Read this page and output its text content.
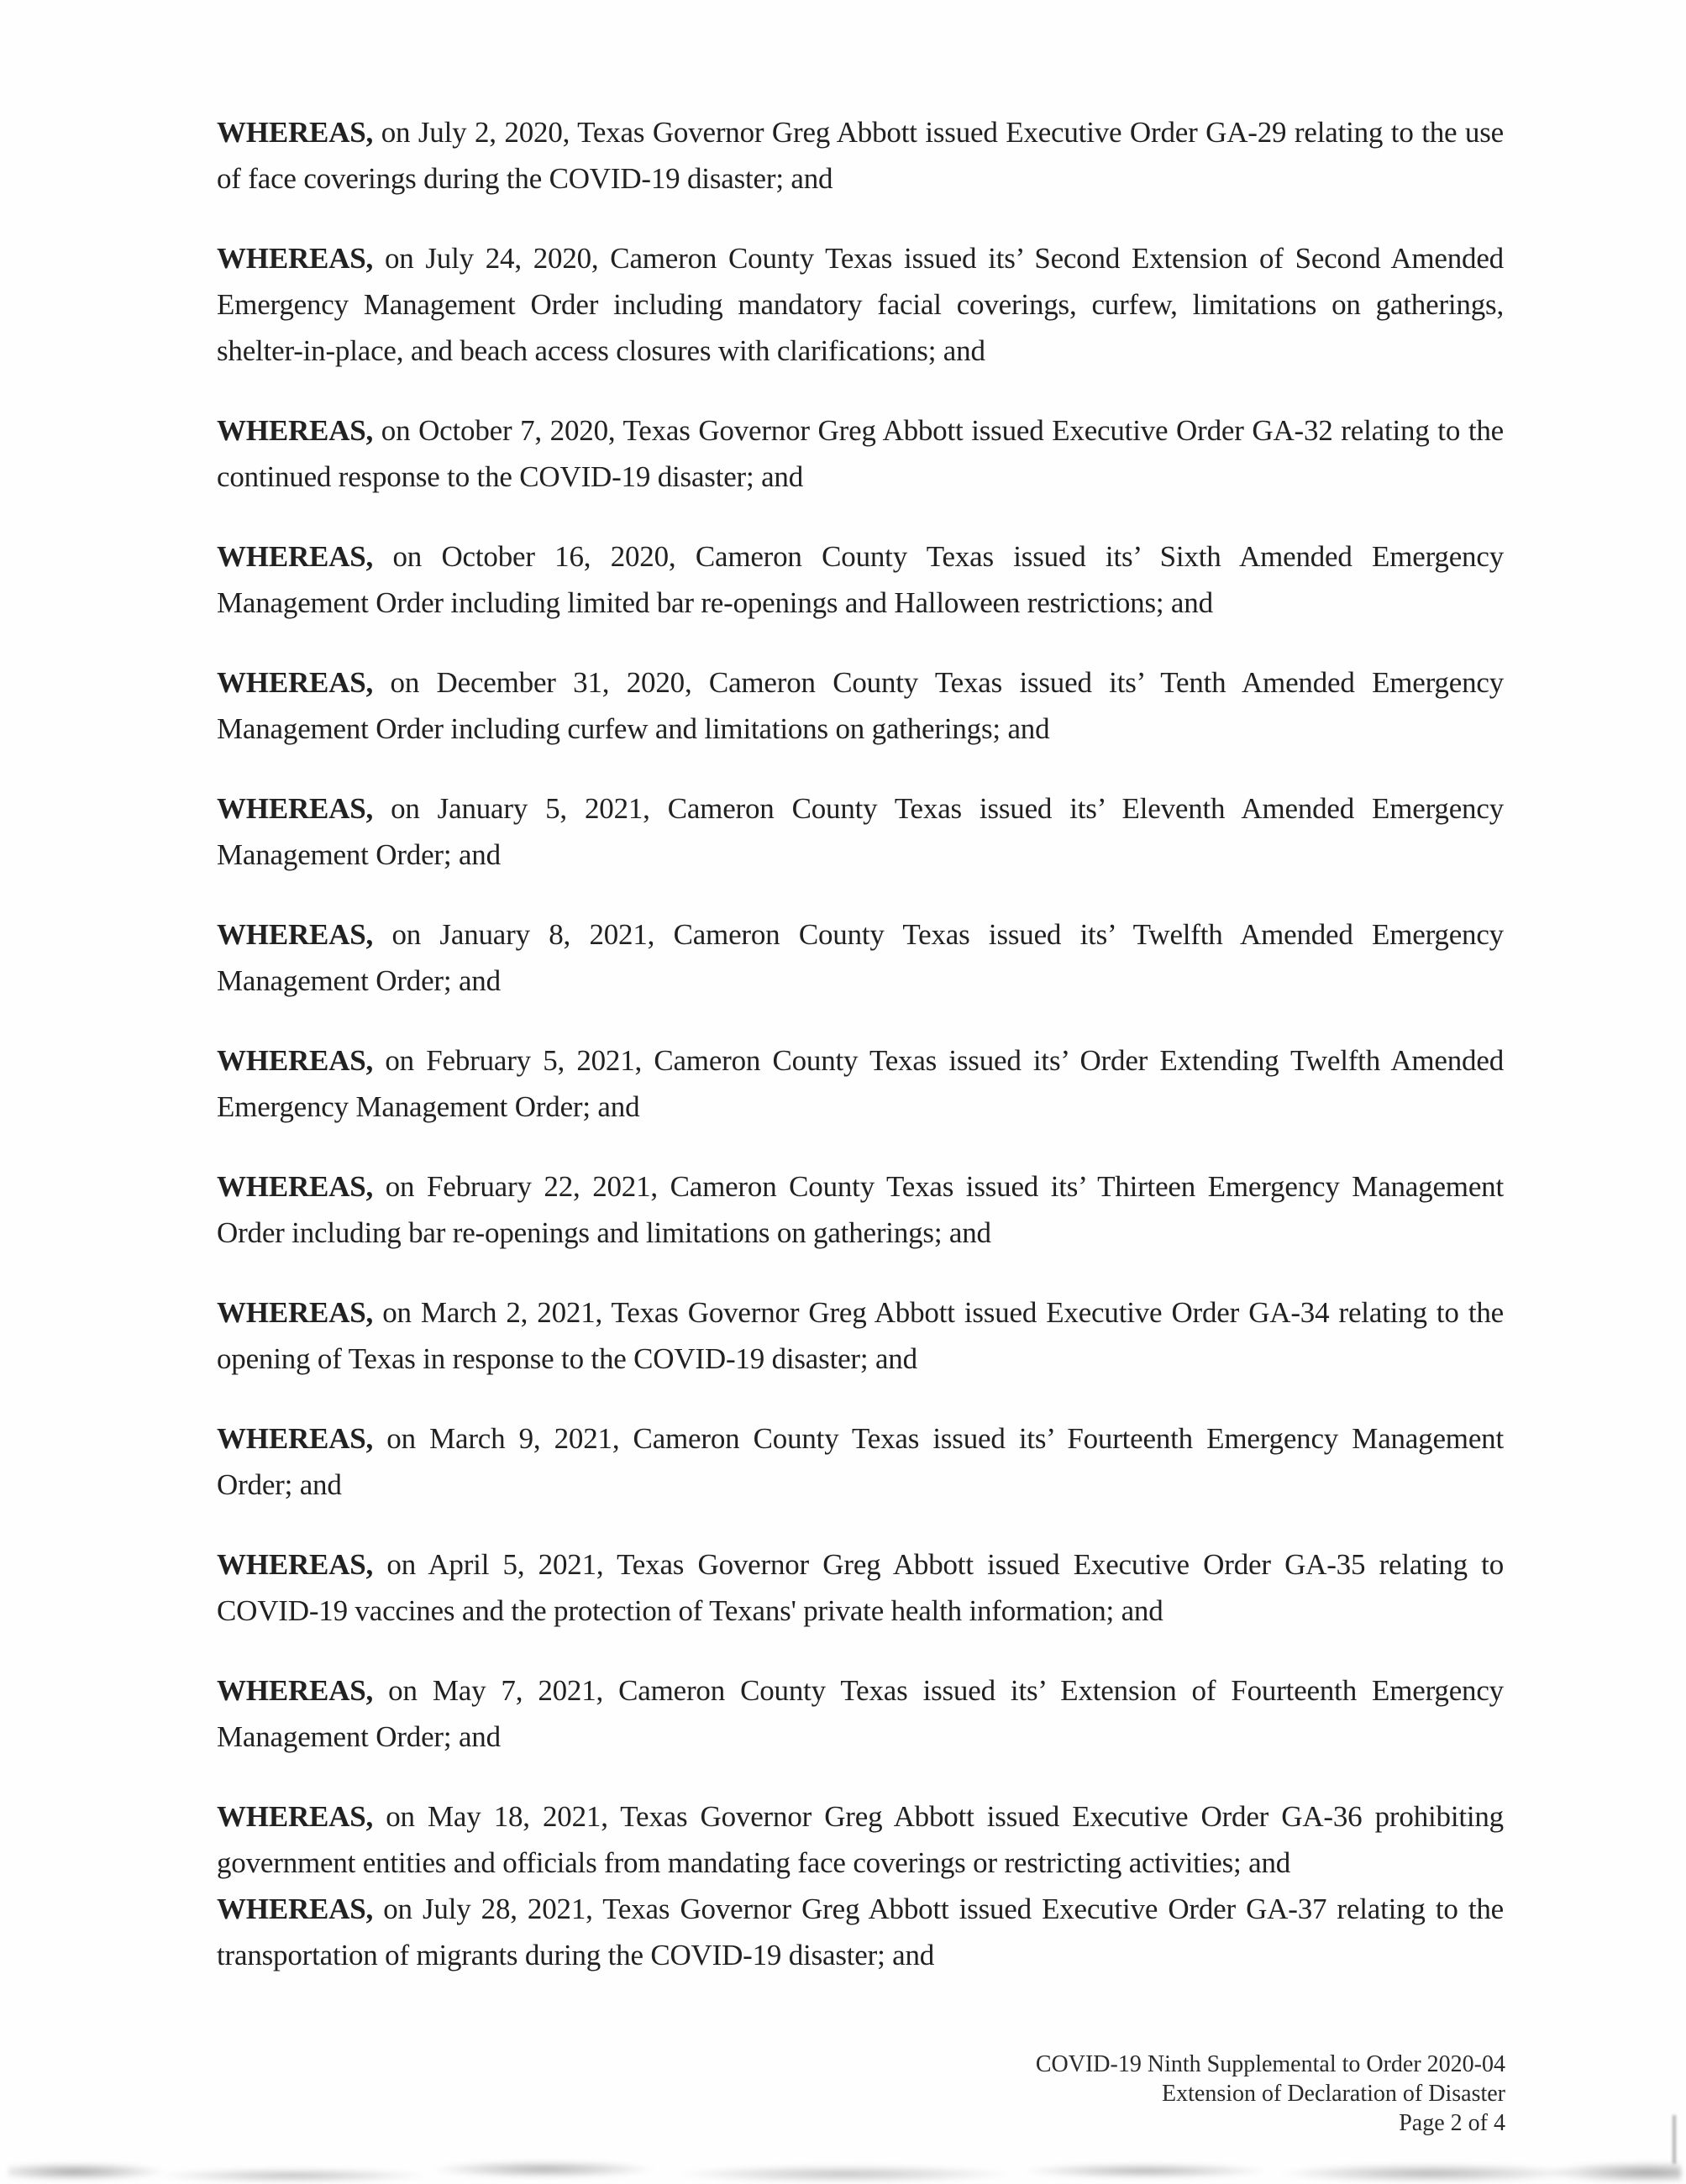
WHEREAS, on July 2, 2020, Texas Governor Greg Abbott issued Executive Order GA-29 relating to the use of face coverings during the COVID-19 disaster; and

WHEREAS, on July 24, 2020, Cameron County Texas issued its’ Second Extension of Second Amended Emergency Management Order including mandatory facial coverings, curfew, limitations on gatherings, shelter-in-place, and beach access closures with clarifications; and

WHEREAS, on October 7, 2020, Texas Governor Greg Abbott issued Executive Order GA-32 relating to the continued response to the COVID-19 disaster; and

WHEREAS, on October 16, 2020, Cameron County Texas issued its’ Sixth Amended Emergency Management Order including limited bar re-openings and Halloween restrictions; and

WHEREAS, on December 31, 2020, Cameron County Texas issued its’ Tenth Amended Emergency Management Order including curfew and limitations on gatherings; and

WHEREAS, on January 5, 2021, Cameron County Texas issued its’ Eleventh Amended Emergency Management Order; and

WHEREAS, on January 8, 2021, Cameron County Texas issued its’ Twelfth Amended Emergency Management Order; and

WHEREAS, on February 5, 2021, Cameron County Texas issued its’ Order Extending Twelfth Amended Emergency Management Order; and

WHEREAS, on February 22, 2021, Cameron County Texas issued its’ Thirteen Emergency Management Order including bar re-openings and limitations on gatherings; and

WHEREAS, on March 2, 2021, Texas Governor Greg Abbott issued Executive Order GA-34 relating to the opening of Texas in response to the COVID-19 disaster; and

WHEREAS, on March 9, 2021, Cameron County Texas issued its’ Fourteenth Emergency Management Order; and

WHEREAS, on April 5, 2021, Texas Governor Greg Abbott issued Executive Order GA-35 relating to COVID-19 vaccines and the protection of Texans' private health information; and

WHEREAS, on May 7, 2021, Cameron County Texas issued its’ Extension of Fourteenth Emergency Management Order; and

WHEREAS, on May 18, 2021, Texas Governor Greg Abbott issued Executive Order GA-36 prohibiting government entities and officials from mandating face coverings or restricting activities; and

WHEREAS, on July 28, 2021, Texas Governor Greg Abbott issued Executive Order GA-37 relating to the transportation of migrants during the COVID-19 disaster; and

COVID-19 Ninth Supplemental to Order 2020-04
Extension of Declaration of Disaster
Page 2 of 4
